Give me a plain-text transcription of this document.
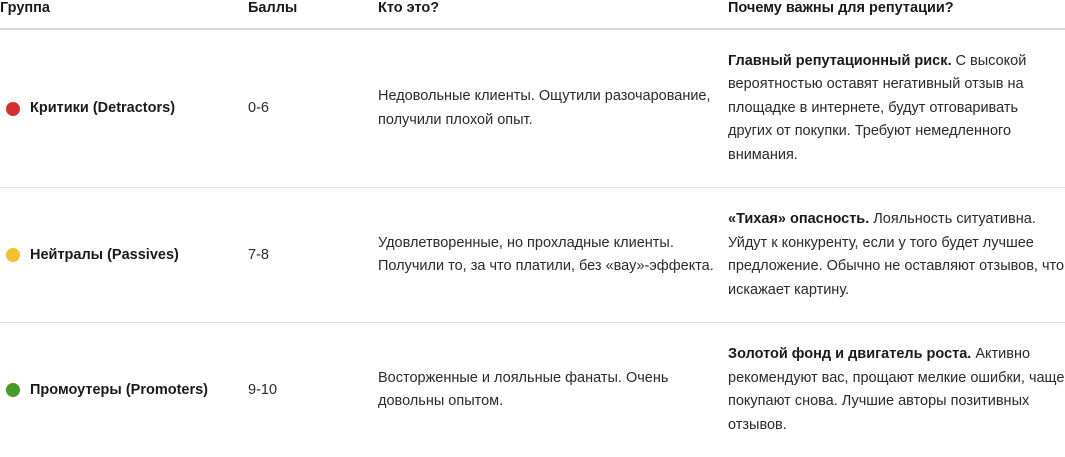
Группа	Баллы	Кто это?	Почему важны для репутации?

Критики (Detractors)	0-6	Недовольные клиенты. Ощутили разочарование, получили плохой опыт.	Главный репутационный риск. С высокой вероятностью оставят негативный отзыв на площадке в интернете, будут отговаривать других от покупки. Требуют немедленного внимания.

Нейтралы (Passives)	7-8	Удовлетворенные, но прохладные клиенты. Получили то, за что платили, без «вау»-эффекта.	«Тихая» опасность. Лояльность ситуативна. Уйдут к конкуренту, если у того будет лучшее предложение. Обычно не оставляют отзывов, что искажает картину.

Промоутеры (Promoters)	9-10	Восторженные и лояльные фанаты. Очень довольны опытом.	Золотой фонд и двигатель роста. Активно рекомендуют вас, прощают мелкие ошибки, чаще покупают снова. Лучшие авторы позитивных отзывов.
